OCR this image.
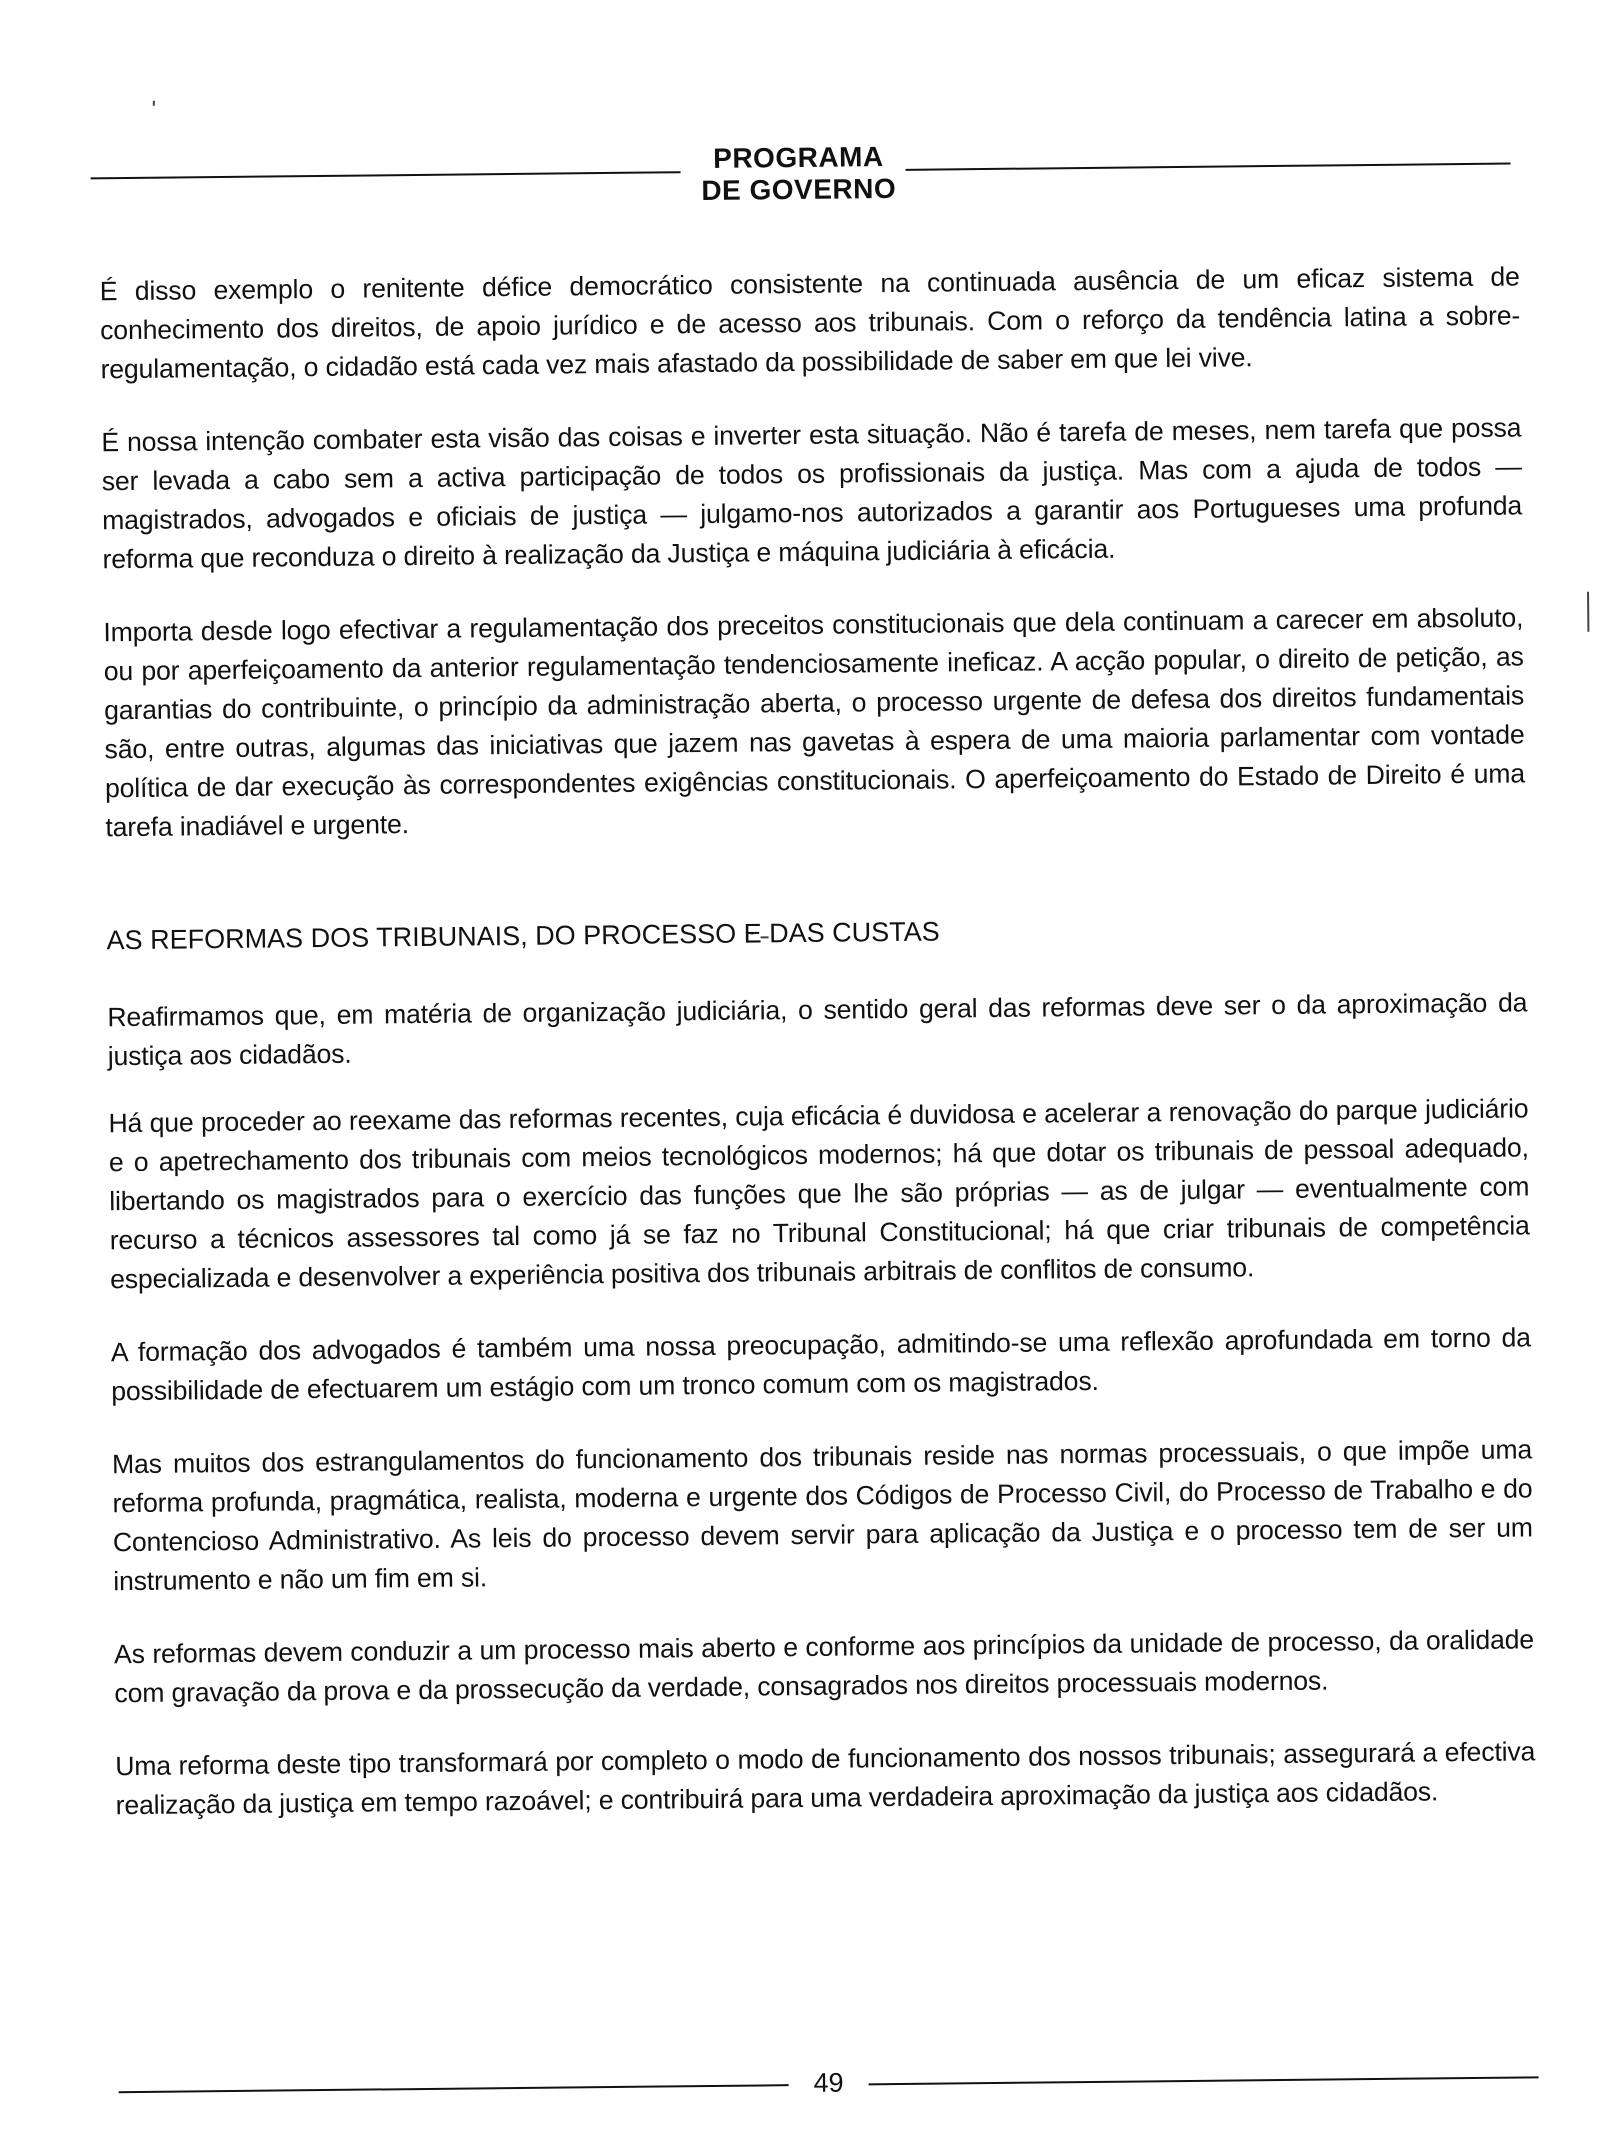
PROGRAMA
DE GOVERNO

É disso exemplo o renitente défice democrático consistente na continuada ausência de um eficaz sistema de conhecimento dos direitos, de apoio jurídico e de acesso aos tribunais. Com o reforço da tendência latina a sobre-regulamentação, o cidadão está cada vez mais afastado da possibilidade de saber em que lei vive.

É nossa intenção combater esta visão das coisas e inverter esta situação. Não é tarefa de meses, nem tarefa que possa ser levada a cabo sem a activa participação de todos os profissionais da justiça. Mas com a ajuda de todos — magistrados, advogados e oficiais de justiça — julgamo-nos autorizados a garantir aos Portugueses uma profunda reforma que reconduza o direito à realização da Justiça e máquina judiciária à eficácia.

Importa desde logo efectivar a regulamentação dos preceitos constitucionais que dela continuam a carecer em absoluto, ou por aperfeiçoamento da anterior regulamentação tendenciosamente ineficaz. A acção popular, o direito de petição, as garantias do contribuinte, o princípio da administração aberta, o processo urgente de defesa dos direitos fundamentais são, entre outras, algumas das iniciativas que jazem nas gavetas à espera de uma maioria parlamentar com vontade política de dar execução às correspondentes exigências constitucionais. O aperfeiçoamento do Estado de Direito é uma tarefa inadiável e urgente.

AS REFORMAS DOS TRIBUNAIS, DO PROCESSO E DAS CUSTAS

Reafirmamos que, em matéria de organização judiciária, o sentido geral das reformas deve ser o da aproximação da justiça aos cidadãos.

Há que proceder ao reexame das reformas recentes, cuja eficácia é duvidosa e acelerar a renovação do parque judiciário e o apetrechamento dos tribunais com meios tecnológicos modernos; há que dotar os tribunais de pessoal adequado, libertando os magistrados para o exercício das funções que lhe são próprias — as de julgar — eventualmente com recurso a técnicos assessores tal como já se faz no Tribunal Constitucional; há que criar tribunais de competência especializada e desenvolver a experiência positiva dos tribunais arbitrais de conflitos de consumo.

A formação dos advogados é também uma nossa preocupação, admitindo-se uma reflexão aprofundada em torno da possibilidade de efectuarem um estágio com um tronco comum com os magistrados.

Mas muitos dos estrangulamentos do funcionamento dos tribunais reside nas normas processuais, o que impõe uma reforma profunda, pragmática, realista, moderna e urgente dos Códigos de Processo Civil, do Processo de Trabalho e do Contencioso Administrativo. As leis do processo devem servir para aplicação da Justiça e o processo tem de ser um instrumento e não um fim em si.

As reformas devem conduzir a um processo mais aberto e conforme aos princípios da unidade de processo, da oralidade com gravação da prova e da prossecução da verdade, consagrados nos direitos processuais modernos.

Uma reforma deste tipo transformará por completo o modo de funcionamento dos nossos tribunais; assegurará a efectiva realização da justiça em tempo razoável; e contribuirá para uma verdadeira aproximação da justiça aos cidadãos.

49
